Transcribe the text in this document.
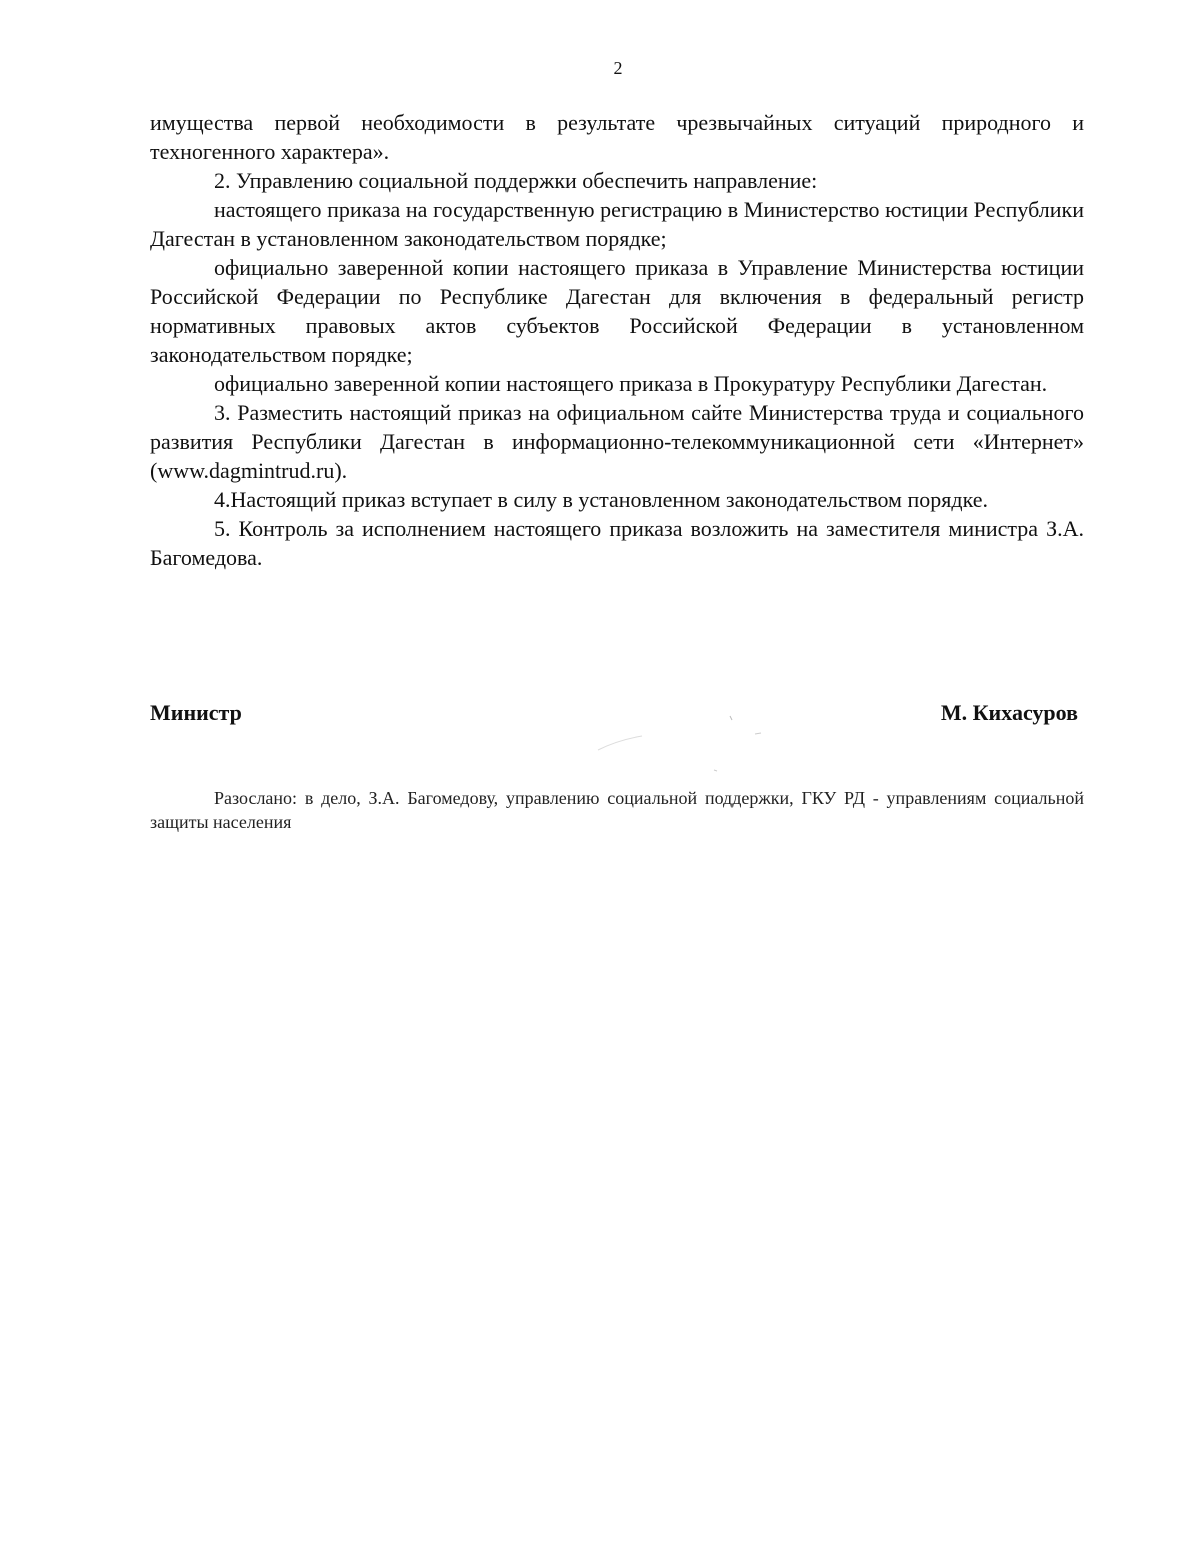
2

имущества первой необходимости в результате чрезвычайных ситуаций природного и техногенного характера».

2. Управлению социальной поддержки обеспечить направление:

настоящего приказа на государственную регистрацию в Министерство юстиции Республики Дагестан в установленном законодательством порядке;

официально заверенной копии настоящего приказа в Управление Министерства юстиции Российской Федерации по Республике Дагестан для включения в федеральный регистр нормативных правовых актов субъектов Российской Федерации в установленном законодательством порядке;

официально заверенной копии настоящего приказа в Прокуратуру Республики Дагестан.

3. Разместить настоящий приказ на официальном сайте Министерства труда и социального развития Республики Дагестан в информационно-телекоммуникационной сети «Интернет» (www.dagmintrud.ru).

4.Настоящий приказ вступает в силу в установленном законодательством порядке.

5. Контроль за исполнением настоящего приказа возложить на заместителя министра З.А. Багомедова.

Министр	М. Кихасуров

Разослано: в дело, З.А. Багомедову, управлению социальной поддержки, ГКУ РД - управлениям социальной защиты населения
